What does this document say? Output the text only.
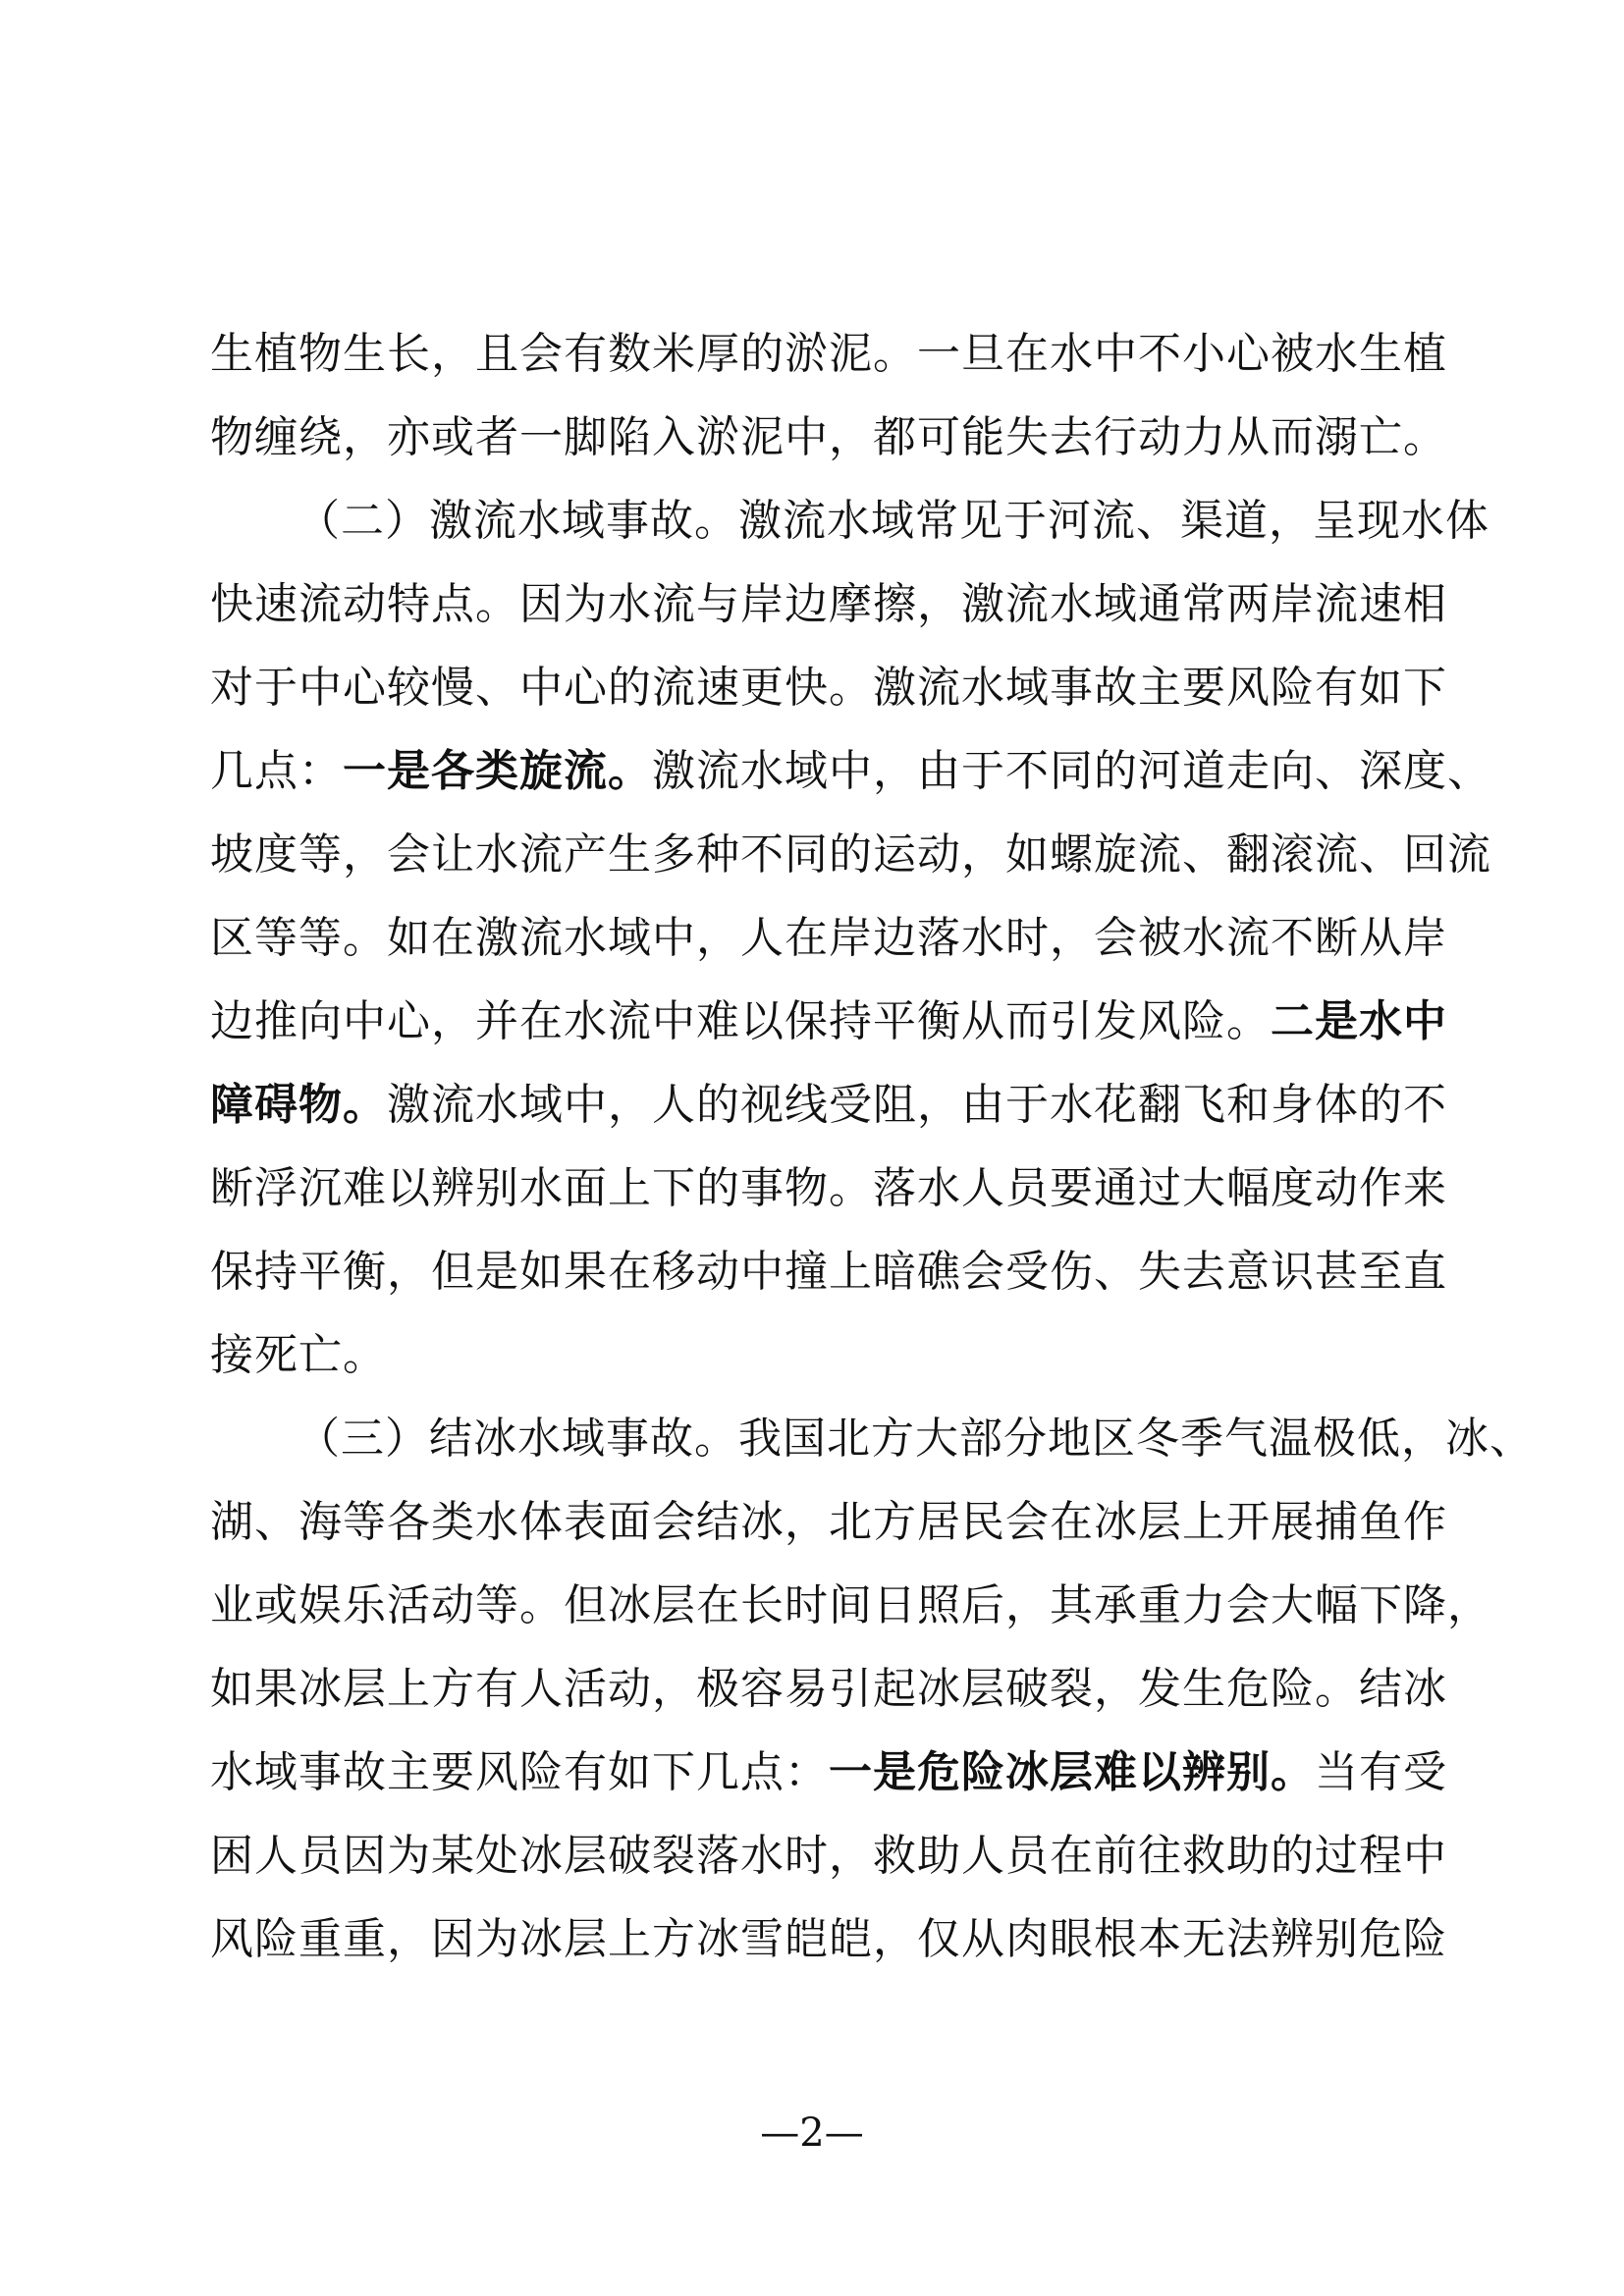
生植物生长，且会有数米厚的淤泥。一旦在水中不小心被水生植
物缠绕，亦或者一脚陷入淤泥中，都可能失去行动力从而溺亡。
（二）激流水域事故。激流水域常见于河流、渠道，呈现水体
快速流动特点。因为水流与岸边摩擦，激流水域通常两岸流速相
对于中心较慢、中心的流速更快。激流水域事故主要风险有如下
几点：一是各类旋流。激流水域中，由于不同的河道走向、深度、
坡度等，会让水流产生多种不同的运动，如螺旋流、翻滚流、回流
区等等。如在激流水域中，人在岸边落水时，会被水流不断从岸
边推向中心，并在水流中难以保持平衡从而引发风险。二是水中
障碍物。激流水域中，人的视线受阻，由于水花翻飞和身体的不
断浮沉难以辨别水面上下的事物。落水人员要通过大幅度动作来
保持平衡，但是如果在移动中撞上暗礁会受伤、失去意识甚至直
接死亡。
（三）结冰水域事故。我国北方大部分地区冬季气温极低，冰、
湖、海等各类水体表面会结冰，北方居民会在冰层上开展捕鱼作
业或娱乐活动等。但冰层在长时间日照后，其承重力会大幅下降，
如果冰层上方有人活动，极容易引起冰层破裂，发生危险。结冰
水域事故主要风险有如下几点：一是危险冰层难以辨别。当有受
困人员因为某处冰层破裂落水时，救助人员在前往救助的过程中
风险重重，因为冰层上方冰雪皑皑，仅从肉眼根本无法辨别危险
—2—
